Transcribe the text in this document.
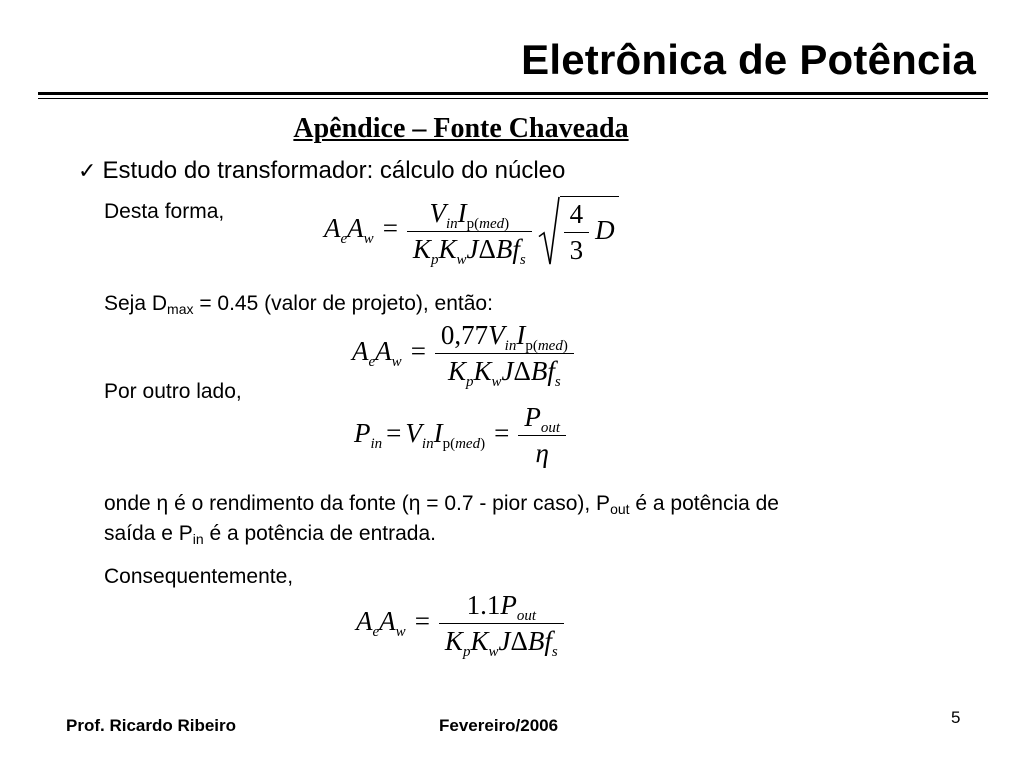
Eletrônica de Potência
Apêndice – Fonte Chaveada
✓ Estudo do transformador: cálculo do núcleo
Desta forma,
$A_eA_w = \frac{V_{in}I_{p(med)}}{K_pK_wJ\Delta Bf_s} \frac{4}{3}$ D
Seja $D_{max} = 0.45$ (valor de projeto), então:
$A_eA_w = \frac{0,77V_{in}I_{p(med)}}{K_pK_wJ\Delta Bf_s}$
Por outro lado,
$P_{in} = V_{in}I_{p(med)} = \frac{P_{out}}{\eta}$
onde η é o rendimento da fonte (η = 0.7 - pior caso), $P_{out}$ é a potência de
saída e $P_{in}$ é a potência de entrada.
Consequentemente,
$A_eA_w = \frac{1.1P_{out}}{K_pK_wJ\Delta Bf_s}$
Prof. Ricardo Ribeiro	Fevereiro/2006	5
